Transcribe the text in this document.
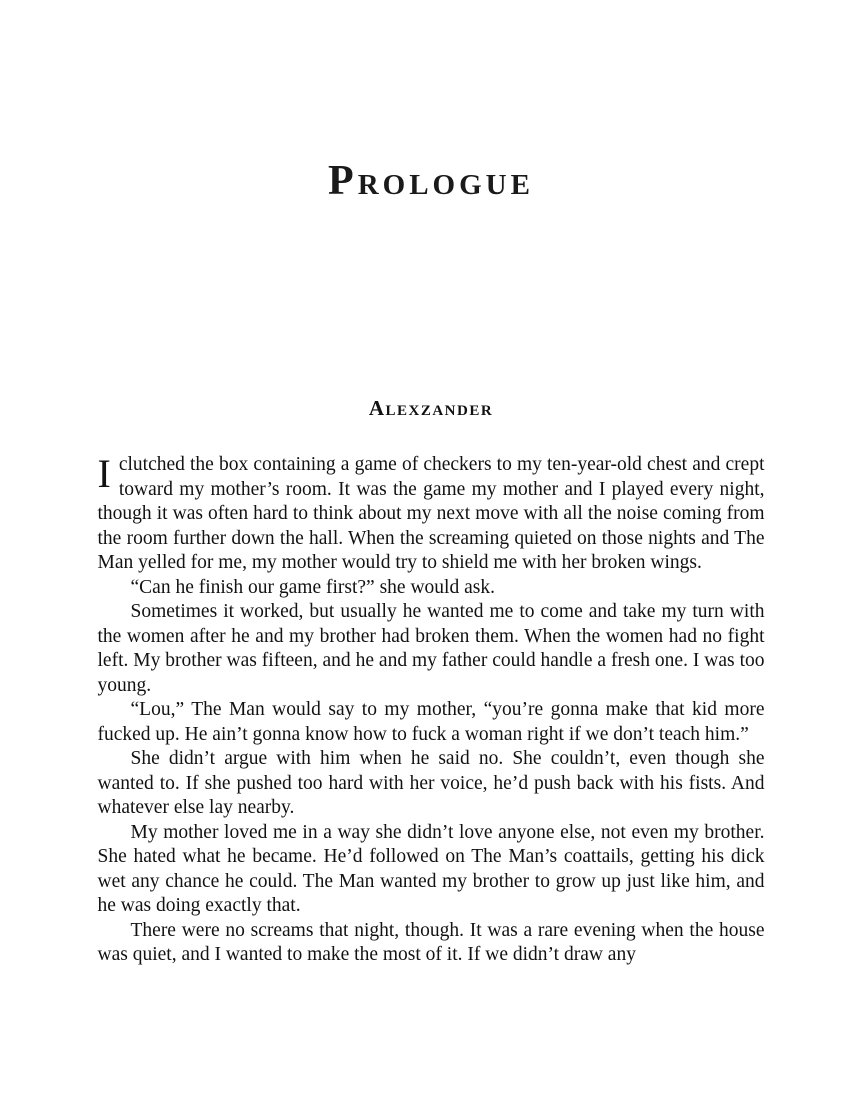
Prologue
Alexzander

Iclutched the box containing a game of checkers to my ten-year-old chest and crept toward my mother’s room. It was the game my mother and I played every night, though it was often hard to think about my next move with all the noise coming from the room further down the hall. When the screaming quieted on those nights and The Man yelled for me, my mother would try to shield me with her broken wings.

“Can he finish our game first?” she would ask.

Sometimes it worked, but usually he wanted me to come and take my turn with the women after he and my brother had broken them. When the women had no fight left. My brother was fifteen, and he and my father could handle a fresh one. I was too young.

“Lou,” The Man would say to my mother, “you’re gonna make that kid more fucked up. He ain’t gonna know how to fuck a woman right if we don’t teach him.”

She didn’t argue with him when he said no. She couldn’t, even though she wanted to. If she pushed too hard with her voice, he’d push back with his fists. And whatever else lay nearby.

My mother loved me in a way she didn’t love anyone else, not even my brother. She hated what he became. He’d followed on The Man’s coattails, getting his dick wet any chance he could. The Man wanted my brother to grow up just like him, and he was doing exactly that.

There were no screams that night, though. It was a rare evening when the house was quiet, and I wanted to make the most of it. If we didn’t draw any
